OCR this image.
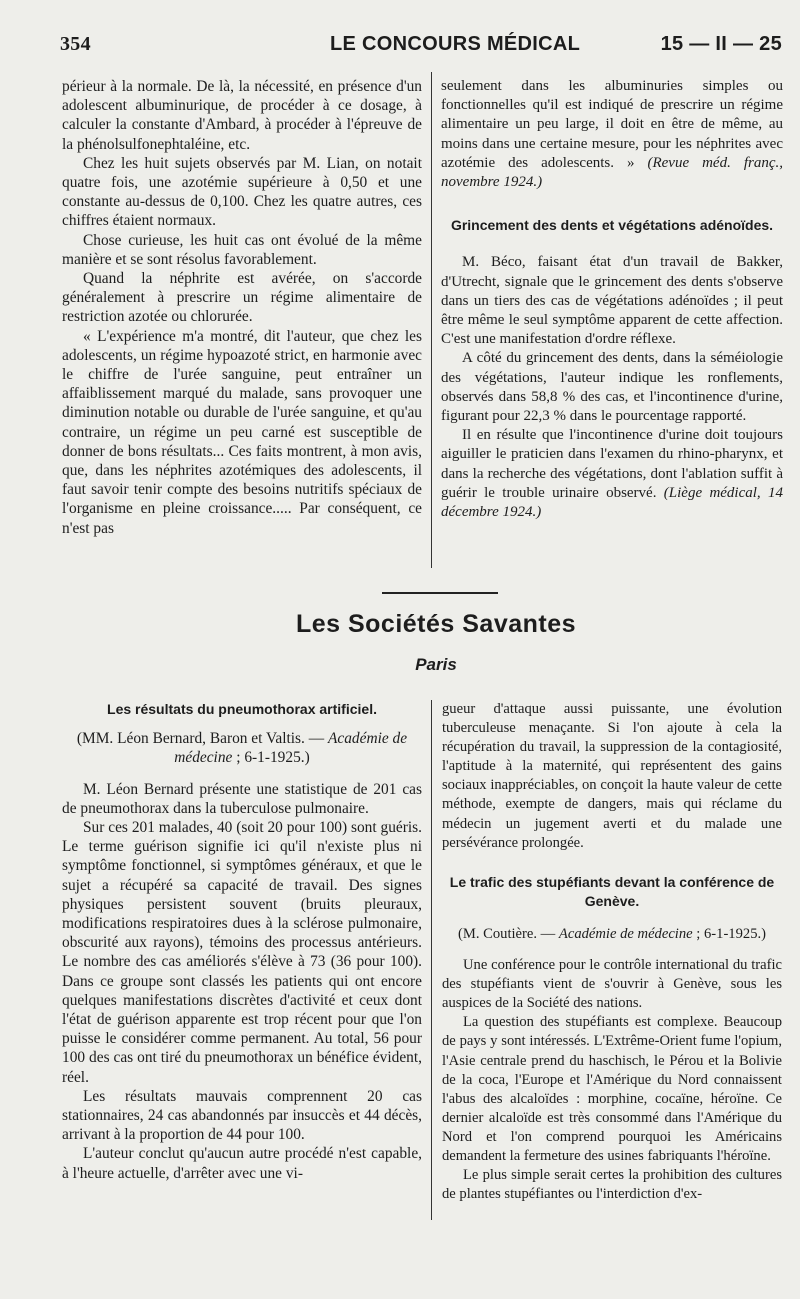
354	LE CONCOURS MÉDICAL	15 — II — 25

périeur à la normale. De là, la nécessité, en présence d'un adolescent albuminurique, de procéder à ce dosage, à calculer la constante d'Ambard, à procéder à l'épreuve de la phénolsulfonephtaléine, etc.

Chez les huit sujets observés par M. Lian, on notait quatre fois, une azotémie supérieure à 0,50 et une constante au-dessus de 0,100. Chez les quatre autres, ces chiffres étaient normaux.

Chose curieuse, les huit cas ont évolué de la même manière et se sont résolus favorablement.

Quand la néphrite est avérée, on s'accorde généralement à prescrire un régime alimentaire de restriction azotée ou chlorurée.

« L'expérience m'a montré, dit l'auteur, que chez les adolescents, un régime hypoazoté strict, en harmonie avec le chiffre de l'urée sanguine, peut entraîner un affaiblissement marqué du malade, sans provoquer une diminution notable ou durable de l'urée sanguine, et qu'au contraire, un régime un peu carné est susceptible de donner de bons résultats... Ces faits montrent, à mon avis, que, dans les néphrites azotémiques des adolescents, il faut savoir tenir compte des besoins nutritifs spéciaux de l'organisme en pleine croissance..... Par conséquent, ce n'est pas

seulement dans les albuminuries simples ou fonctionnelles qu'il est indiqué de prescrire un régime alimentaire un peu large, il doit en être de même, au moins dans une certaine mesure, pour les néphrites avec azotémie des adolescents. » (Revue méd. franç., novembre 1924.)

Grincement des dents et végétations adénoïdes.

M. Béco, faisant état d'un travail de Bakker, d'Utrecht, signale que le grincement des dents s'observe dans un tiers des cas de végétations adénoïdes ; il peut être même le seul symptôme apparent de cette affection. C'est une manifestation d'ordre réflexe.

A côté du grincement des dents, dans la séméiologie des végétations, l'auteur indique les ronflements, observés dans 58,8 % des cas, et l'incontinence d'urine, figurant pour 22,3 % dans le pourcentage rapporté.

Il en résulte que l'incontinence d'urine doit toujours aiguiller le praticien dans l'examen du rhino-pharynx, et dans la recherche des végétations, dont l'ablation suffit à guérir le trouble urinaire observé. (Liège médical, 14 décembre 1924.)

Les Sociétés Savantes
Paris
Les résultats du pneumothorax artificiel.

(MM. Léon Bernard, Baron et Valtis. — Académie de médecine ; 6-1-1925.)

M. Léon Bernard présente une statistique de 201 cas de pneumothorax dans la tuberculose pulmonaire.

Sur ces 201 malades, 40 (soit 20 pour 100) sont guéris. Le terme guérison signifie ici qu'il n'existe plus ni symptôme fonctionnel, si symptômes généraux, et que le sujet a récupéré sa capacité de travail. Des signes physiques persistent souvent (bruits pleuraux, modifications respiratoires dues à la sclérose pulmonaire, obscurité aux rayons), témoins des processus antérieurs. Le nombre des cas améliorés s'élève à 73 (36 pour 100). Dans ce groupe sont classés les patients qui ont encore quelques manifestations discrètes d'activité et ceux dont l'état de guérison apparente est trop récent pour que l'on puisse le considérer comme permanent. Au total, 56 pour 100 des cas ont tiré du pneumothorax un bénéfice évident, réel.

Les résultats mauvais comprennent 20 cas stationnaires, 24 cas abandonnés par insuccès et 44 décès, arrivant à la proportion de 44 pour 100.

L'auteur conclut qu'aucun autre procédé n'est capable, à l'heure actuelle, d'arrêter avec une vi-

gueur d'attaque aussi puissante, une évolution tuberculeuse menaçante. Si l'on ajoute à cela la récupération du travail, la suppression de la contagiosité, l'aptitude à la maternité, qui représentent des gains sociaux inappréciables, on conçoit la haute valeur de cette méthode, exempte de dangers, mais qui réclame du médecin un jugement averti et du malade une persévérance prolongée.

Le trafic des stupéfiants devant la conférence de Genève.

(M. Coutière. — Académie de médecine ; 6-1-1925.)

Une conférence pour le contrôle international du trafic des stupéfiants vient de s'ouvrir à Genève, sous les auspices de la Société des nations.

La question des stupéfiants est complexe. Beaucoup de pays y sont intéressés. L'Extrême-Orient fume l'opium, l'Asie centrale prend du haschisch, le Pérou et la Bolivie de la coca, l'Europe et l'Amérique du Nord connaissent l'abus des alcaloïdes : morphine, cocaïne, héroïne. Ce dernier alcaloïde est très consommé dans l'Amérique du Nord et l'on comprend pourquoi les Américains demandent la fermeture des usines fabriquants l'héroïne.

Le plus simple serait certes la prohibition des cultures de plantes stupéfiantes ou l'interdiction d'ex-
